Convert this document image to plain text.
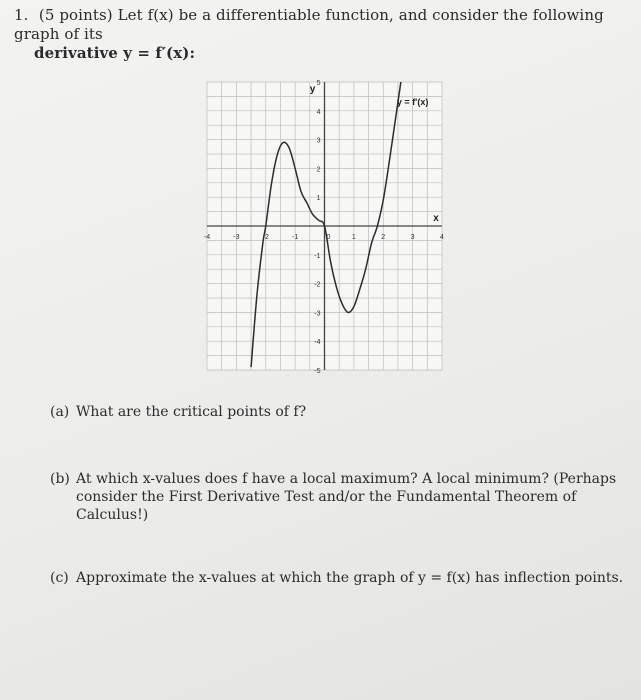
1. (5 points) Let f(x) be a differentiable function, and consider the following graph of its
derivative y = f′(x):
-4	-3	-2	-1	0	1	2	3	4
-5
-4
-3
-2
-1
1
2
3
4
5
y
x
y = f'(x)
(a) What are the critical points of f?
(b) At which x-values does f have a local maximum? A local minimum? (Perhaps
consider the First Derivative Test and/or the Fundamental Theorem of Calculus!)
(c) Approximate the x-values at which the graph of y = f(x) has inflection points.
